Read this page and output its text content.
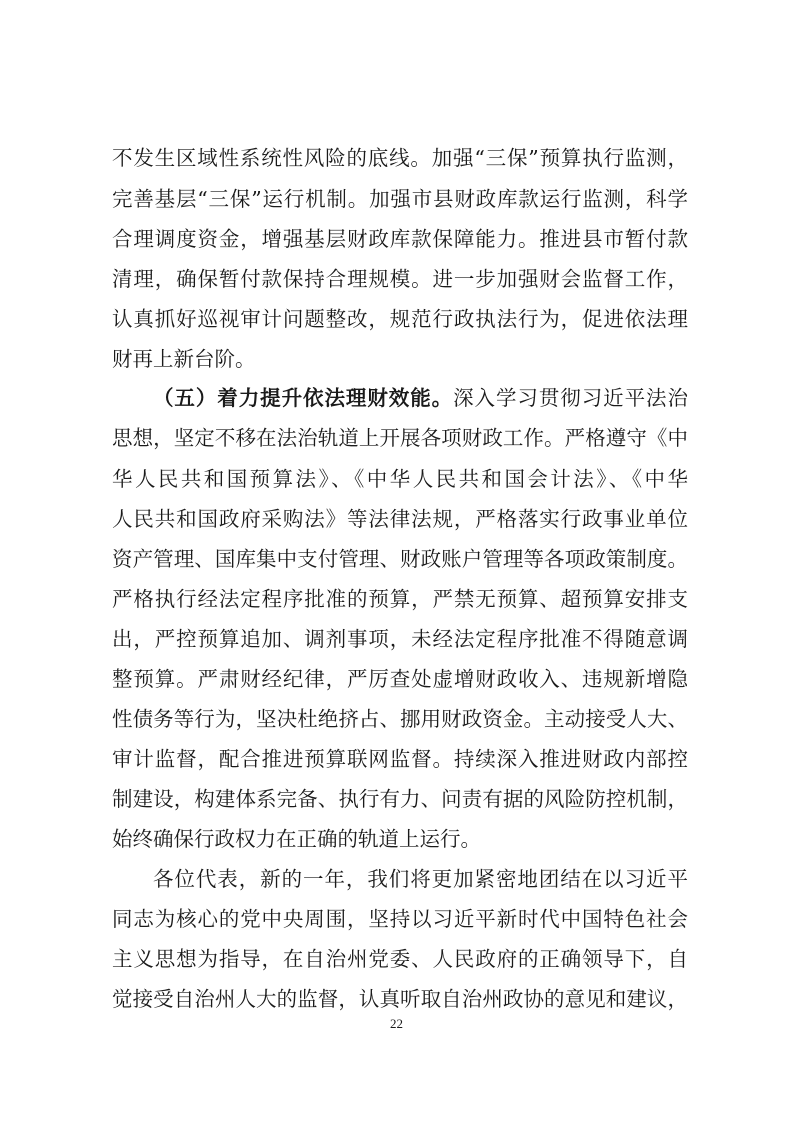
不发生区域性系统性风险的底线。加强“三保”预算执行监测，
完善基层“三保”运行机制。加强市县财政库款运行监测，科学
合理调度资金，增强基层财政库款保障能力。推进县市暂付款
清理，确保暂付款保持合理规模。进一步加强财会监督工作，
认真抓好巡视审计问题整改，规范行政执法行为，促进依法理
财再上新台阶。
（五）着力提升依法理财效能。深入学习贯彻习近平法治
思想，坚定不移在法治轨道上开展各项财政工作。严格遵守《中
华人民共和国预算法》、《中华人民共和国会计法》、《中华
人民共和国政府采购法》等法律法规，严格落实行政事业单位
资产管理、国库集中支付管理、财政账户管理等各项政策制度。
严格执行经法定程序批准的预算，严禁无预算、超预算安排支
出，严控预算追加、调剂事项，未经法定程序批准不得随意调
整预算。严肃财经纪律，严厉查处虚增财政收入、违规新增隐
性债务等行为，坚决杜绝挤占、挪用财政资金。主动接受人大、
审计监督，配合推进预算联网监督。持续深入推进财政内部控
制建设，构建体系完备、执行有力、问责有据的风险防控机制，
始终确保行政权力在正确的轨道上运行。
各位代表，新的一年，我们将更加紧密地团结在以习近平
同志为核心的党中央周围，坚持以习近平新时代中国特色社会
主义思想为指导，在自治州党委、人民政府的正确领导下，自
觉接受自治州人大的监督，认真听取自治州政协的意见和建议，
22
